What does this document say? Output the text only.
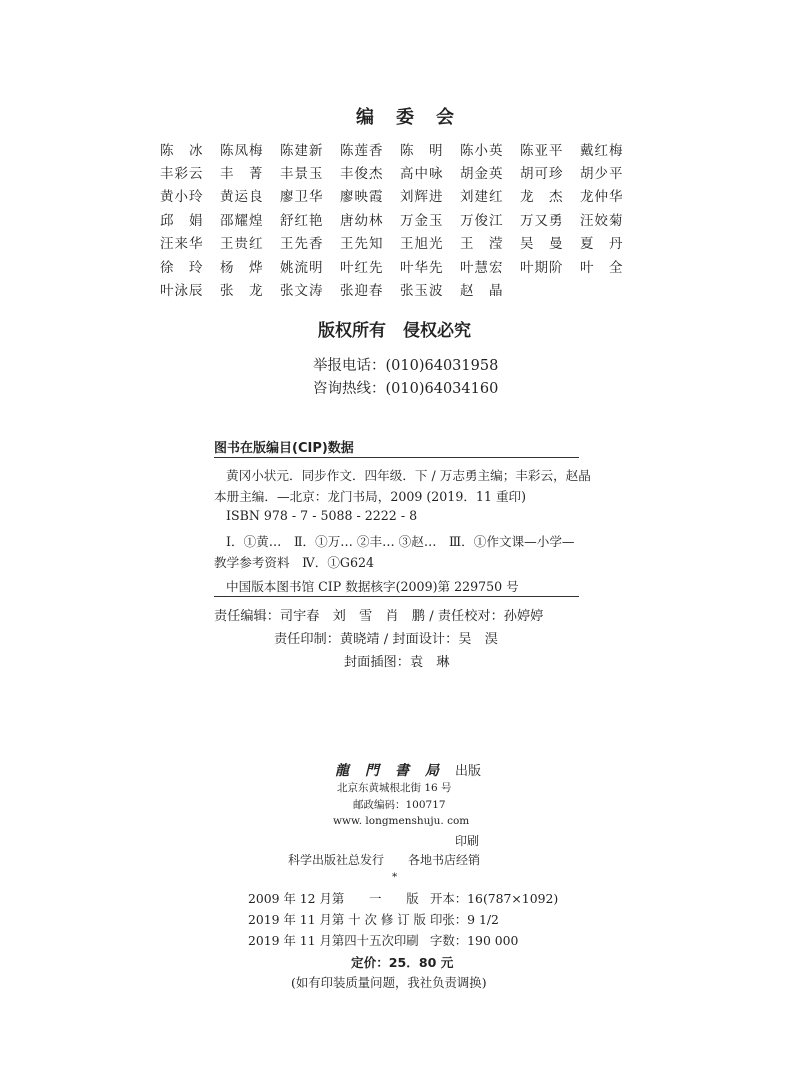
编委会
陈　冰	陈凤梅	陈建新	陈莲香	陈　明	陈小英	陈亚平	戴红梅
丰彩云	丰　菁	丰景玉	丰俊杰	高中咏	胡金英	胡可珍	胡少平
黄小玲	黄运良	廖卫华	廖映霞	刘辉进	刘建红	龙　杰	龙仲华
邱　娟	邵耀煌	舒红艳	唐幼林	万金玉	万俊江	万又勇	汪姣菊
汪来华	王贵红	王先香	王先知	王旭光	王　滢	吴　曼	夏　丹
徐　玲	杨　烨	姚流明	叶红先	叶华先	叶慧宏	叶期阶	叶　全
叶泳辰	张　龙	张文涛	张迎春	张玉波	赵　晶
版权所有　侵权必究
举报电话：(010)64031958
咨询热线：(010)64034160
图书在版编目(CIP)数据
黄冈小状元．同步作文．四年级．下 / 万志勇主编；丰彩云，赵晶
本册主编．—北京：龙门书局，2009 (2019．11 重印)
ISBN 978 - 7 - 5088 - 2222 - 8
Ⅰ．①黄…　Ⅱ．①万… ②丰… ③赵…　Ⅲ．①作文课—小学—
教学参考资料　Ⅳ．①G624
中国版本图书馆 CIP 数据核字(2009)第 229750 号
责任编辑：司宇春　刘　雪　肖　鹏 / 责任校对：孙婷婷
责任印制：黄晓靖 / 封面设计：吴　淏
封面插图：袁　琳
龍門書局出版
北京东黄城根北街 16 号
邮政编码：100717
www. longmenshuju. com
印刷
科学出版社总发行　　各地书店经销
*
2009 年 12 月第　　一　　版 开本：16(787×1092)
2019 年 11 月第 十 次 修 订 版 印张：9 1/2
2019 年 11 月第四十五次印刷 字数：190 000
定价：25．80 元
(如有印装质量问题，我社负责调换)
